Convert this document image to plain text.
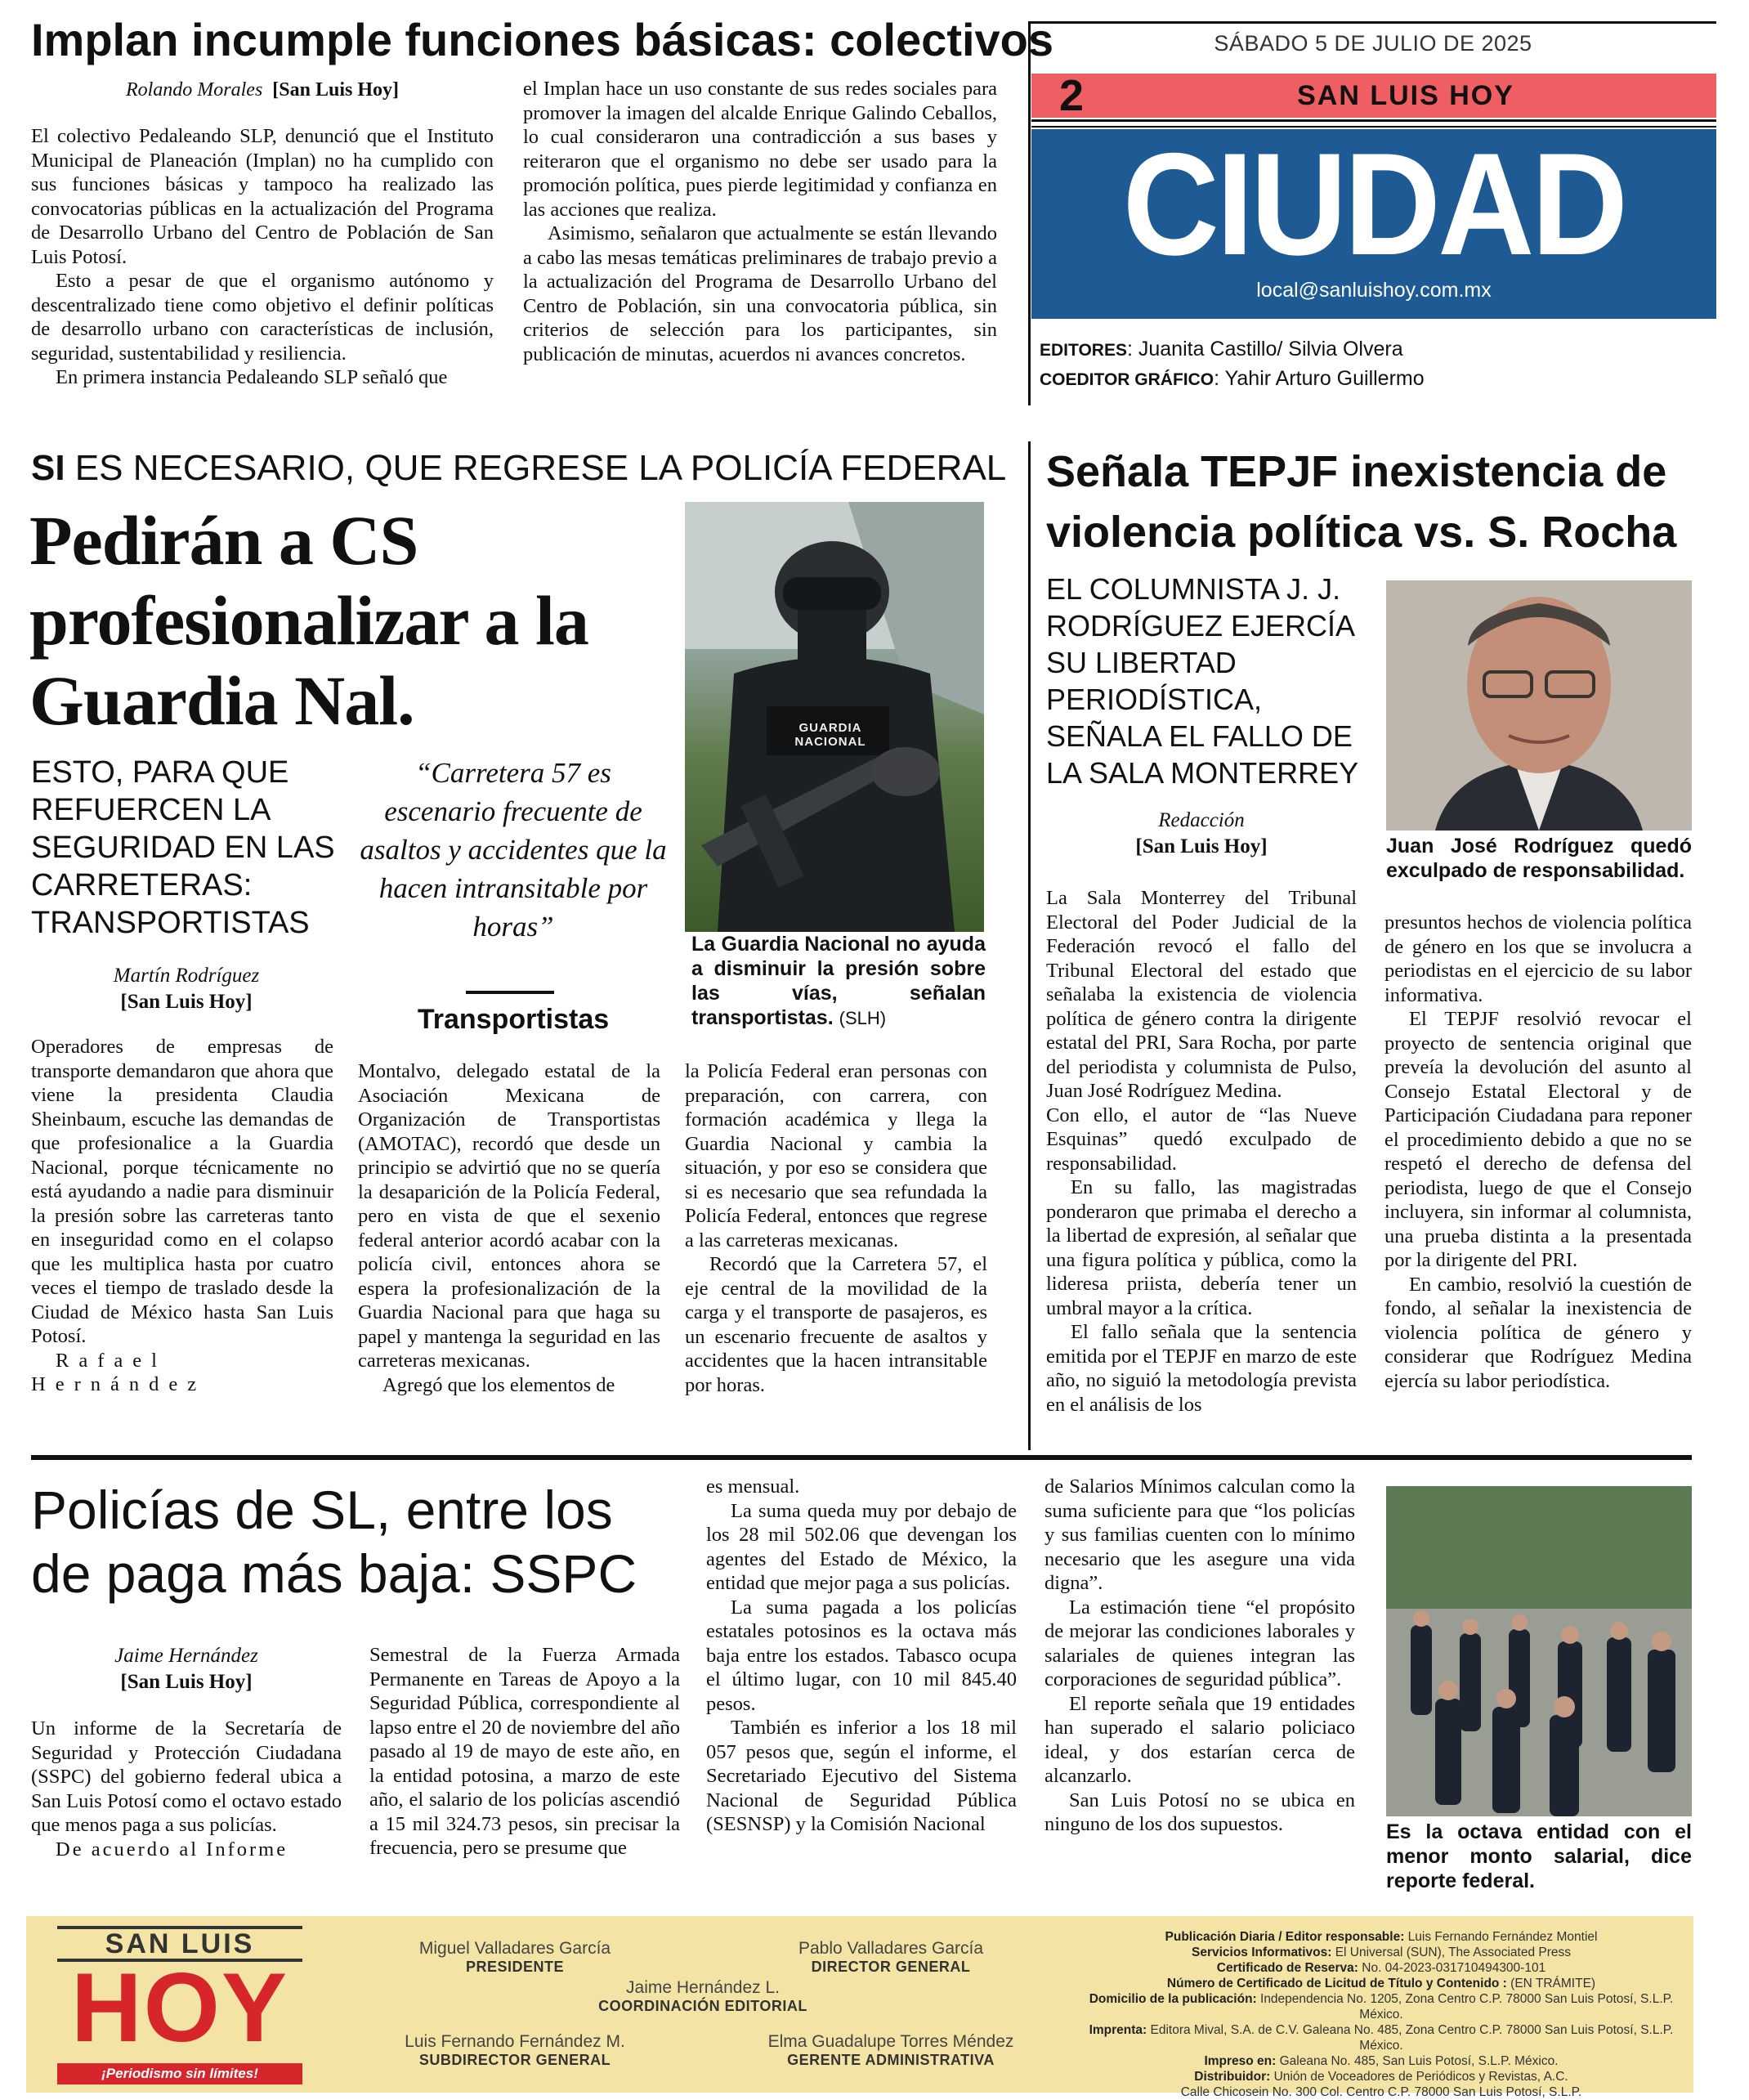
Implan incumple funciones básicas: colectivos
Rolando Morales [San Luis Hoy]

El colectivo Pedaleando SLP, denunció que el Instituto Municipal de Planeación (Implan) no ha cumplido con sus funciones básicas y tampoco ha realizado las convocatorias públicas en la actualización del Programa de Desarrollo Urbano del Centro de Población de San Luis Potosí.

Esto a pesar de que el organismo autónomo y descentralizado tiene como objetivo el definir políticas de desarrollo urbano con características de inclusión, seguridad, sustentabilidad y resiliencia.

En primera instancia Pedaleando SLP señaló que

el Implan hace un uso constante de sus redes sociales para promover la imagen del alcalde Enrique Galindo Ceballos, lo cual consideraron una contradicción a sus bases y reiteraron que el organismo no debe ser usado para la promoción política, pues pierde legitimidad y confianza en las acciones que realiza.

Asimismo, señalaron que actualmente se están llevando a cabo las mesas temáticas preliminares de trabajo previo a la actualización del Programa de Desarrollo Urbano del Centro de Población, sin una convocatoria pública, sin criterios de selección para los participantes, sin publicación de minutas, acuerdos ni avances concretos.

SÁBADO 5 DE JULIO DE 2025
2	SAN LUIS HOY
CIUDAD
local@sanluishoy.com.mx
EDITORES: Juanita Castillo/ Silvia Olvera
COEDITOR GRÁFICO: Yahir Arturo Guillermo
SI ES NECESARIO, QUE REGRESE LA POLICÍA FEDERAL
Pedirán a CS profesionalizar a la Guardia Nal.
ESTO, PARA QUE REFUERCEN LA SEGURIDAD EN LAS CARRETERAS: TRANSPORTISTAS
“Carretera 57 es escenario frecuente de asaltos y accidentes que la hacen intransitable por horas”
Transportistas
Martín Rodríguez
[San Luis Hoy]
GUARDIA NACIONAL
La Guardia Nacional no ayuda a disminuir la presión sobre las vías, señalan transportistas. (SLH)

Operadores de empresas de transporte demandaron que ahora que viene la presidenta Claudia Sheinbaum, escuche las demandas de que profesionalice a la Guardia Nacional, porque técnicamente no está ayudando a nadie para disminuir la presión sobre las carreteras tanto en inseguridad como en el colapso que les multiplica hasta por cuatro veces el tiempo de traslado desde la Ciudad de México hasta San Luis Potosí.

Rafael Hernández

Montalvo, delegado estatal de la Asociación Mexicana de Organización de Transportistas (AMOTAC), recordó que desde un principio se advirtió que no se quería la desaparición de la Policía Federal, pero en vista de que el sexenio federal anterior acordó acabar con la policía civil, entonces ahora se espera la profesionalización de la Guardia Nacional para que haga su papel y mantenga la seguridad en las carreteras mexicanas.

Agregó que los elementos de

la Policía Federal eran personas con preparación, con carrera, con formación académica y llega la Guardia Nacional y cambia la situación, y por eso se considera que si es necesario que sea refundada la Policía Federal, entonces que regrese a las carreteras mexicanas.

Recordó que la Carretera 57, el eje central de la movilidad de la carga y el transporte de pasajeros, es un escenario frecuente de asaltos y accidentes que la hacen intransitable por horas.

Señala TEPJF inexistencia de violencia política vs. S. Rocha
EL COLUMNISTA J. J. RODRÍGUEZ EJERCÍA SU LIBERTAD PERIODÍSTICA, SEÑALA EL FALLO DE LA SALA MONTERREY
Redacción
[San Luis Hoy]	Juan José Rodríguez quedó exculpado de responsabilidad.

La Sala Monterrey del Tribunal Electoral del Poder Judicial de la Federación revocó el fallo del Tribunal Electoral del estado que señalaba la existencia de violencia política de género contra la dirigente estatal del PRI, Sara Rocha, por parte del periodista y columnista de Pulso, Juan José Rodríguez Medina.

Con ello, el autor de “las Nueve Esquinas” quedó exculpado de responsabilidad.

En su fallo, las magistradas ponderaron que primaba el derecho a la libertad de expresión, al señalar que una figura política y pública, como la lideresa priista, debería tener un umbral mayor a la crítica.

El fallo señala que la sentencia emitida por el TEPJF en marzo de este año, no siguió la metodología prevista en el análisis de los

presuntos hechos de violencia política de género en los que se involucra a periodistas en el ejercicio de su labor informativa.

El TEPJF resolvió revocar el proyecto de sentencia original que preveía la devolución del asunto al Consejo Estatal Electoral y de Participación Ciudadana para reponer el procedimiento debido a que no se respetó el derecho de defensa del periodista, luego de que el Consejo incluyera, sin informar al columnista, una prueba distinta a la presentada por la dirigente del PRI.

En cambio, resolvió la cuestión de fondo, al señalar la inexistencia de violencia política de género y considerar que Rodríguez Medina ejercía su labor periodística.

Policías de SL, entre los de paga más baja: SSPC
Jaime Hernández
[San Luis Hoy]

Un informe de la Secretaría de Seguridad y Protección Ciudadana (SSPC) del gobierno federal ubica a San Luis Potosí como el octavo estado que menos paga a sus policías.

De acuerdo al Informe

Semestral de la Fuerza Armada Permanente en Tareas de Apoyo a la Seguridad Pública, correspondiente al lapso entre el 20 de noviembre del año pasado al 19 de mayo de este año, en la entidad potosina, a marzo de este año, el salario de los policías ascendió a 15 mil 324.73 pesos, sin precisar la frecuencia, pero se presume que

es mensual.

La suma queda muy por debajo de los 28 mil 502.06 que devengan los agentes del Estado de México, la entidad que mejor paga a sus policías.

La suma pagada a los policías estatales potosinos es la octava más baja entre los estados. Tabasco ocupa el último lugar, con 10 mil 845.40 pesos.

También es inferior a los 18 mil 057 pesos que, según el informe, el Secretariado Ejecutivo del Sistema Nacional de Seguridad Pública (SESNSP) y la Comisión Nacional

de Salarios Mínimos calculan como la suma suficiente para que “los policías y sus familias cuenten con lo mínimo necesario que les asegure una vida digna”.

La estimación tiene “el propósito de mejorar las condiciones laborales y salariales de quienes integran las corporaciones de seguridad pública”.

El reporte señala que 19 entidades han superado el salario policiaco ideal, y dos estarían cerca de alcanzarlo.

San Luis Potosí no se ubica en ninguno de los dos supuestos.	Es la octava entidad con el menor monto salarial, dice reporte federal.
SAN LUIS
HOY
¡Periodismo sin límites!
Miguel Valladares García
PRESIDENTE
Pablo Valladares García
DIRECTOR GENERAL
Jaime Hernández L.
COORDINACIÓN EDITORIAL
Luis Fernando Fernández M.
SUBDIRECTOR GENERAL
Elma Guadalupe Torres Méndez
GERENTE ADMINISTRATIVA
Publicación Diaria / Editor responsable: Luis Fernando Fernández Montiel
Servicios Informativos: El Universal (SUN), The Associated Press
Certificado de Reserva: No. 04-2023-031710494300-101
Número de Certificado de Licitud de Título y Contenido : (EN TRÁMITE)
Domicilio de la publicación: Independencia No. 1205, Zona Centro C.P. 78000 San Luis Potosí, S.L.P. México.
Imprenta: Editora Mival, S.A. de C.V. Galeana No. 485, Zona Centro C.P. 78000 San Luis Potosí, S.L.P. México.
Impreso en: Galeana No. 485, San Luis Potosí, S.L.P. México.
Distribuidor: Unión de Voceadores de Periódicos y Revistas, A.C.
Calle Chicosein No. 300 Col. Centro C.P. 78000 San Luis Potosí, S.L.P.
